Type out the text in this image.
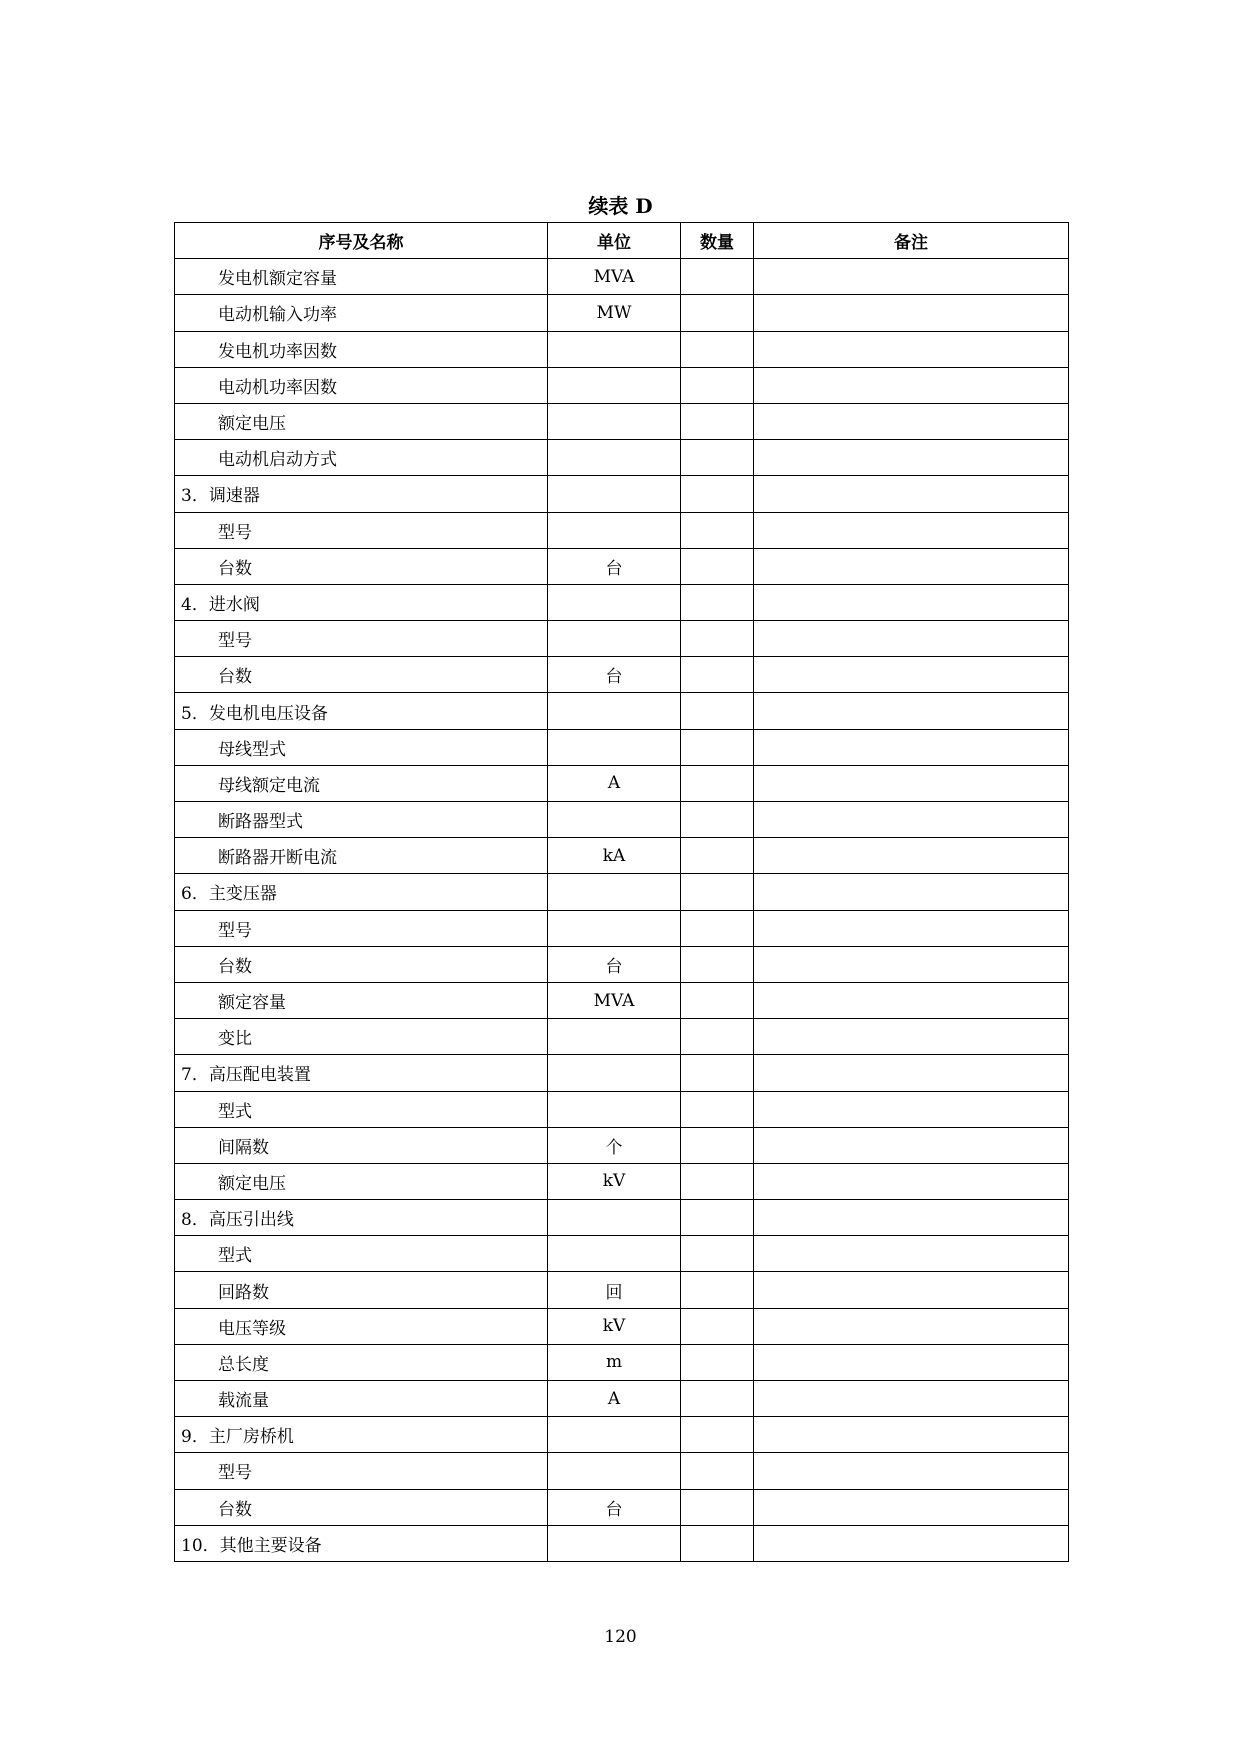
续表 D
序号及名称	单位	数量	备注
发电机额定容量	MVA		
电动机输入功率	MW		
发电机功率因数			
电动机功率因数			
额定电压			
电动机启动方式			
3．调速器			
型号			
台数	台		
4．进水阀			
型号			
台数	台		
5．发电机电压设备			
母线型式			
母线额定电流	A		
断路器型式			
断路器开断电流	kA		
6．主变压器			
型号			
台数	台		
额定容量	MVA		
变比			
7．高压配电装置			
型式			
间隔数	个		
额定电压	kV		
8．高压引出线			
型式			
回路数	回		
电压等级	kV		
总长度	m		
载流量	A		
9．主厂房桥机			
型号			
台数	台		
10．其他主要设备			
120
